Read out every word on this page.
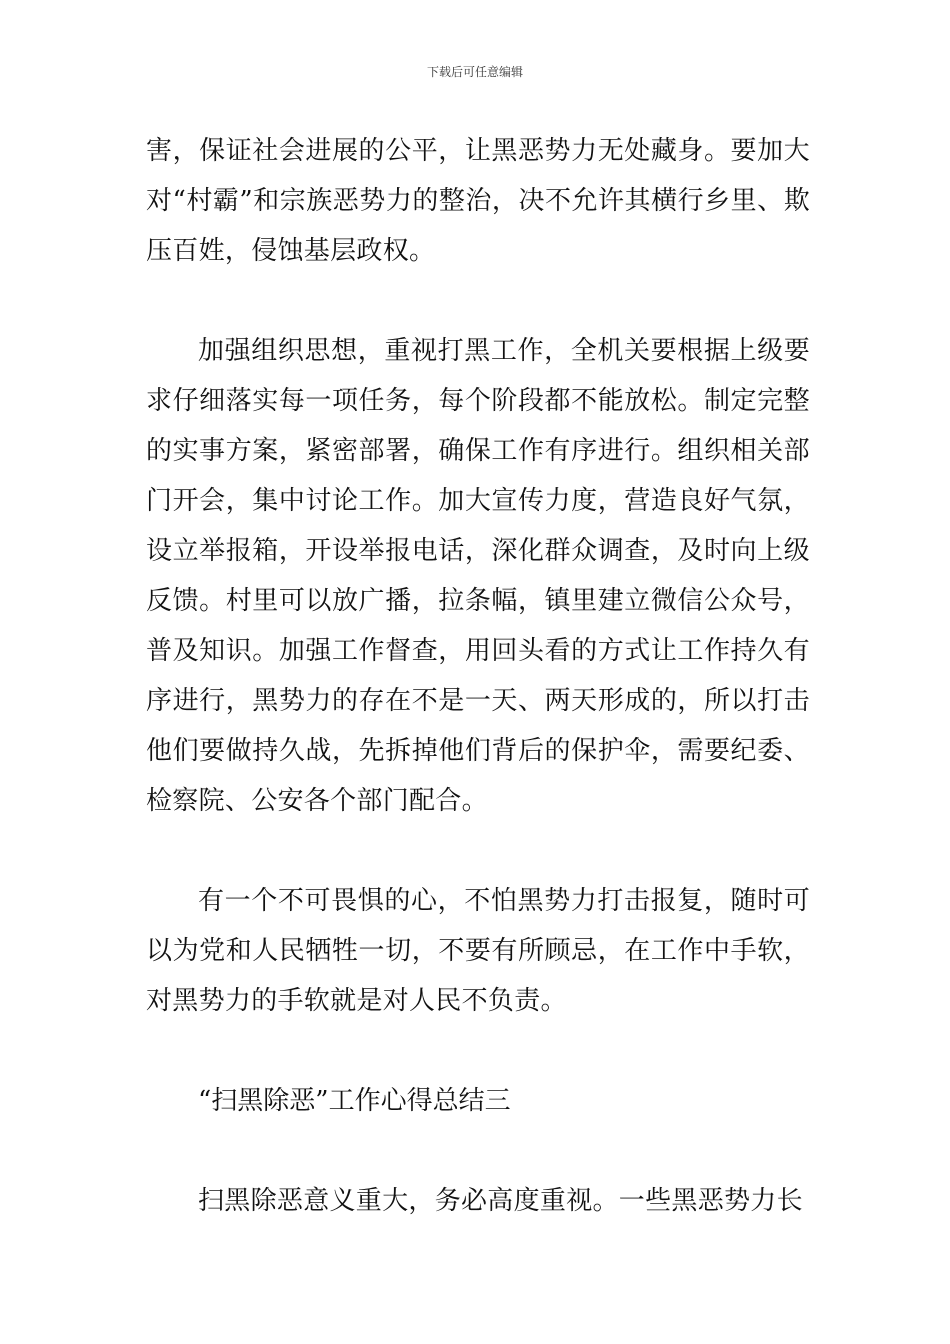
下载后可任意编辑

害，保证社会进展的公平，让黑恶势力无处藏身。要加大对“村霸”和宗族恶势力的整治，决不允许其横行乡里、欺压百姓，侵蚀基层政权。

加强组织思想，重视打黑工作，全机关要根据上级要求仔细落实每一项任务，每个阶段都不能放松。制定完整的实事方案，紧密部署，确保工作有序进行。组织相关部门开会，集中讨论工作。加大宣传力度，营造良好气氛，设立举报箱，开设举报电话，深化群众调查，及时向上级反馈。村里可以放广播，拉条幅，镇里建立微信公众号，普及知识。加强工作督查，用回头看的方式让工作持久有序进行，黑势力的存在不是一天、两天形成的，所以打击他们要做持久战，先拆掉他们背后的保护伞，需要纪委、检察院、公安各个部门配合。

有一个不可畏惧的心，不怕黑势力打击报复，随时可以为党和人民牺牲一切，不要有所顾忌，在工作中手软，对黑势力的手软就是对人民不负责。

“扫黑除恶”工作心得总结三

扫黑除恶意义重大，务必高度重视。一些黑恶势力长
